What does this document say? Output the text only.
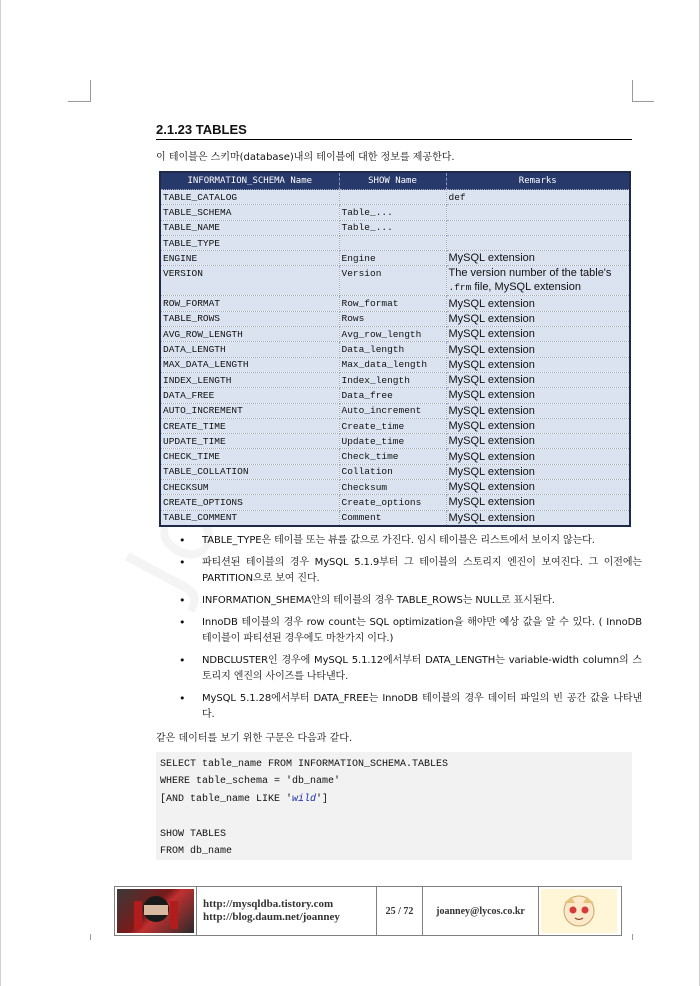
2.1.23 TABLES

이 테이블은 스키마(database)내의 테이블에 대한 정보를 제공한다.

INFORMATION_SCHEMA Name	SHOW Name	Remarks
TABLE_CATALOG		def
TABLE_SCHEMA	Table_...	
TABLE_NAME	Table_...	
TABLE_TYPE		
ENGINE	Engine	MySQL extension
VERSION	Version	The version number of the table's
.frm file, MySQL extension
ROW_FORMAT	Row_format	MySQL extension
TABLE_ROWS	Rows	MySQL extension
AVG_ROW_LENGTH	Avg_row_length	MySQL extension
DATA_LENGTH	Data_length	MySQL extension
MAX_DATA_LENGTH	Max_data_length	MySQL extension
INDEX_LENGTH	Index_length	MySQL extension
DATA_FREE	Data_free	MySQL extension
AUTO_INCREMENT	Auto_increment	MySQL extension
CREATE_TIME	Create_time	MySQL extension
UPDATE_TIME	Update_time	MySQL extension
CHECK_TIME	Check_time	MySQL extension
TABLE_COLLATION	Collation	MySQL extension
CHECKSUM	Checksum	MySQL extension
CREATE_OPTIONS	Create_options	MySQL extension
TABLE_COMMENT	Comment	MySQL extension
• TABLE_TYPE은 테이블 또는 뷰를 값으로 가진다. 임시 테이블은 리스트에서 보이지 않는다.
• 파티션된 테이블의 경우 MySQL 5.1.9부터 그 테이블의 스토리지 엔진이 보여진다. 그 이전에는 PARTITION으로 보여 진다.
• INFORMATION_SHEMA안의 테이블의 경우 TABLE_ROWS는 NULL로 표시된다.
• InnoDB 테이블의 경우 row count는 SQL optimization을 해야만 예상 값을 알 수 있다. ( InnoDB 테이블이 파티션된 경우에도 마찬가지 이다.)
• NDBCLUSTER인 경우에 MySQL 5.1.12에서부터 DATA_LENGTH는 variable-width column의 스토리지 엔진의 사이즈를 나타낸다.
• MySQL 5.1.28에서부터 DATA_FREE는 InnoDB 테이블의 경우 데이터 파일의 빈 공간 값을 나타낸다.

같은 데이터를 보기 위한 구문은 다음과 같다.

SELECT table_name FROM INFORMATION_SCHEMA.TABLES
WHERE table_schema = 'db_name'
[AND table_name LIKE 'wild']
SHOW TABLES
FROM db_name
http://mysqldba.tistory.com
http://blog.daum.net/joanney	25 / 72	joanney@lycos.co.kr
